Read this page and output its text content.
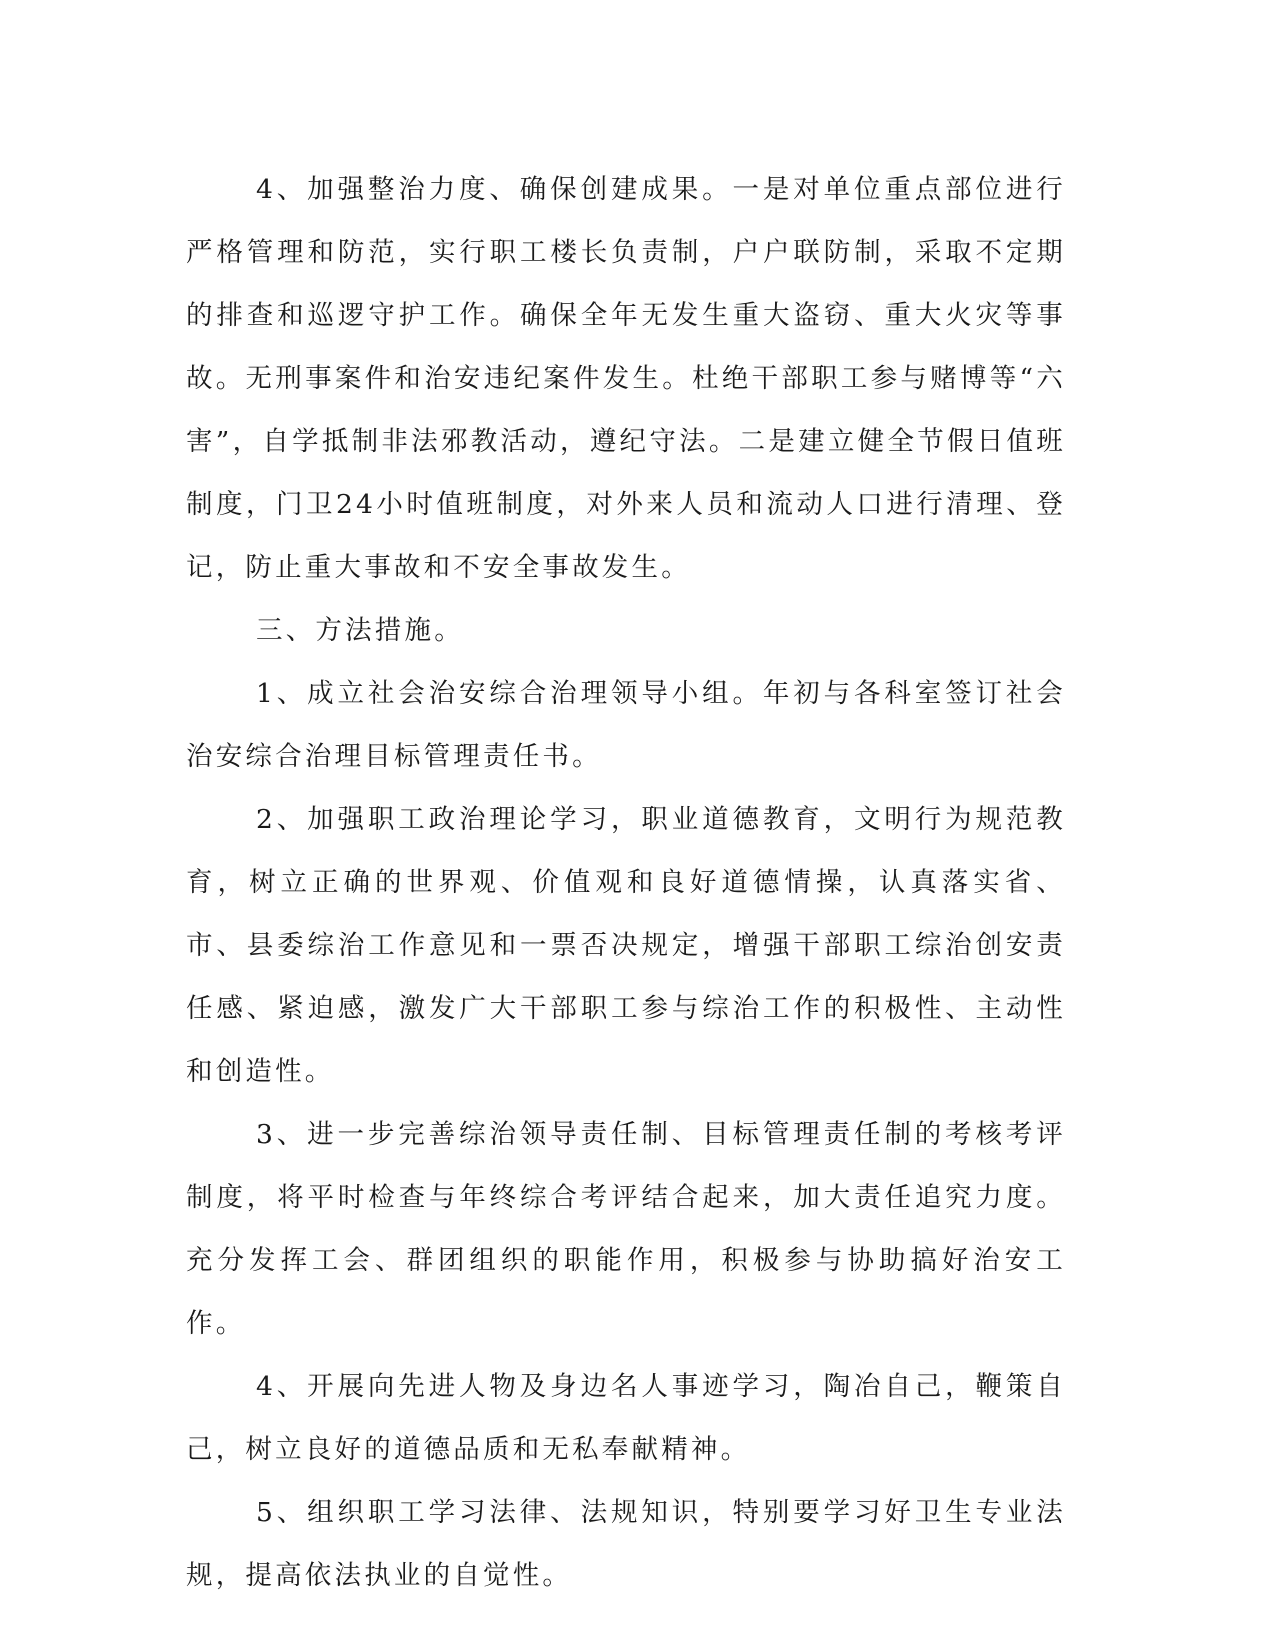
4、加强整治力度、确保创建成果。一是对单位重点部位进行严格管理和防范，实行职工楼长负责制，户户联防制，采取不定期的排查和巡逻守护工作。确保全年无发生重大盗窃、重大火灾等事故。无刑事案件和治安违纪案件发生。杜绝干部职工参与赌博等“六害”，自学抵制非法邪教活动，遵纪守法。二是建立健全节假日值班制度，门卫24小时值班制度，对外来人员和流动人口进行清理、登记，防止重大事故和不安全事故发生。

三、方法措施。

1、成立社会治安综合治理领导小组。年初与各科室签订社会治安综合治理目标管理责任书。

2、加强职工政治理论学习，职业道德教育，文明行为规范教育，树立正确的世界观、价值观和良好道德情操，认真落实省、市、县委综治工作意见和一票否决规定，增强干部职工综治创安责任感、紧迫感，激发广大干部职工参与综治工作的积极性、主动性和创造性。

3、进一步完善综治领导责任制、目标管理责任制的考核考评制度，将平时检查与年终综合考评结合起来，加大责任追究力度。充分发挥工会、群团组织的职能作用，积极参与协助搞好治安工作。

4、开展向先进人物及身边名人事迹学习，陶冶自己，鞭策自己，树立良好的道德品质和无私奉献精神。

5、组织职工学习法律、法规知识，特别要学习好卫生专业法规，提高依法执业的自觉性。
